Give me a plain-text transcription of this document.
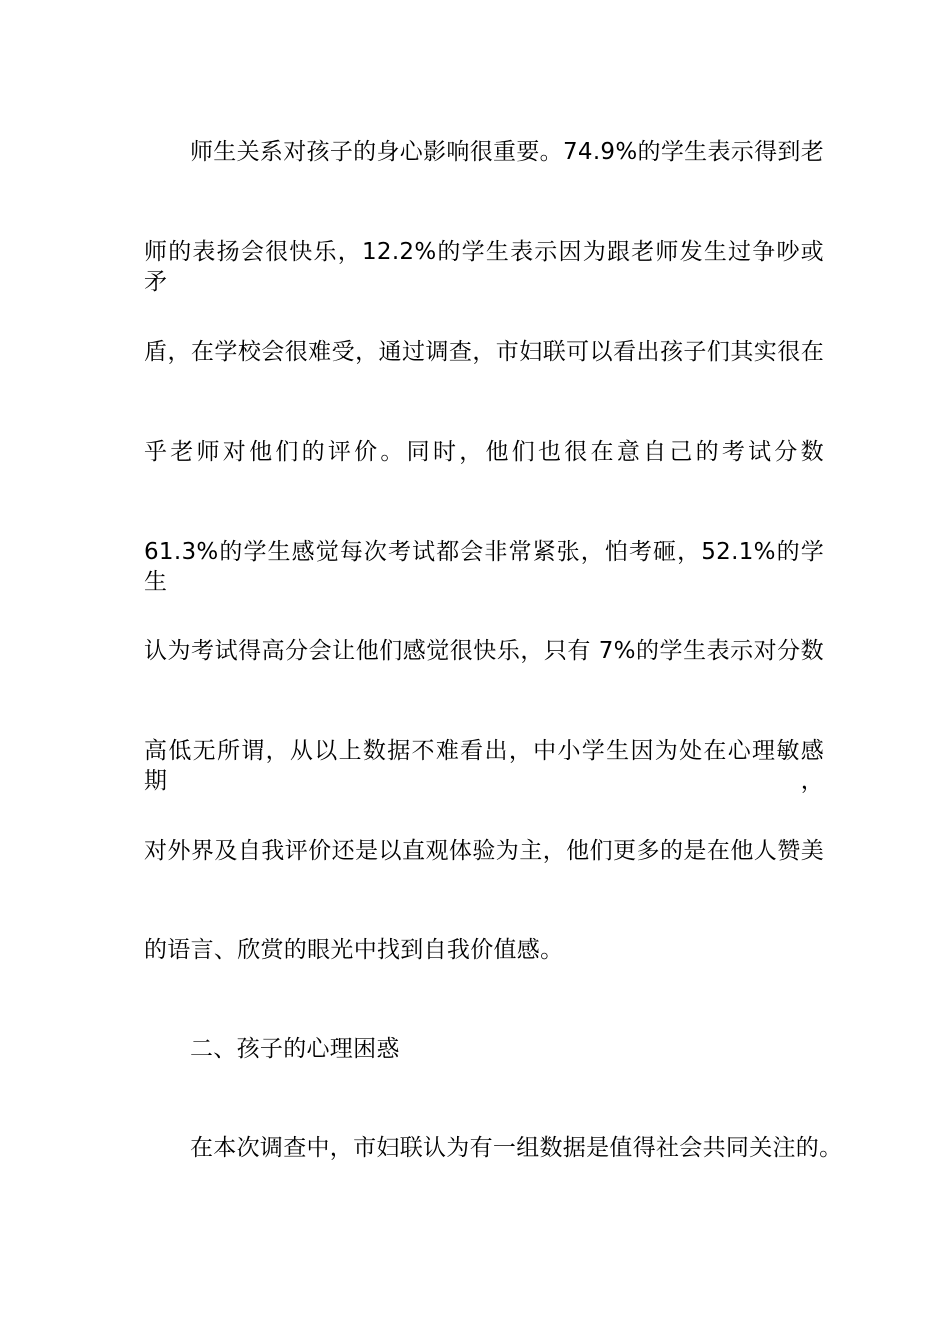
师生关系对孩子的身心影响很重要。74.9%的学生表示得到老
师的表扬会很快乐，12.2%的学生表示因为跟老师发生过争吵或矛
盾，在学校会很难受，通过调查，市妇联可以看出孩子们其实很在
乎老师对他们的评价。同时，他们也很在意自己的考试分数
61.3%的学生感觉每次考试都会非常紧张，怕考砸，52.1%的学生
认为考试得高分会让他们感觉很快乐，只有 7%的学生表示对分数
高低无所谓，从以上数据不难看出，中小学生因为处在心理敏感期，
对外界及自我评价还是以直观体验为主，他们更多的是在他人赞美
的语言、欣赏的眼光中找到自我价值感。
二、孩子的心理困惑
在本次调查中，市妇联认为有一组数据是值得社会共同关注的。
